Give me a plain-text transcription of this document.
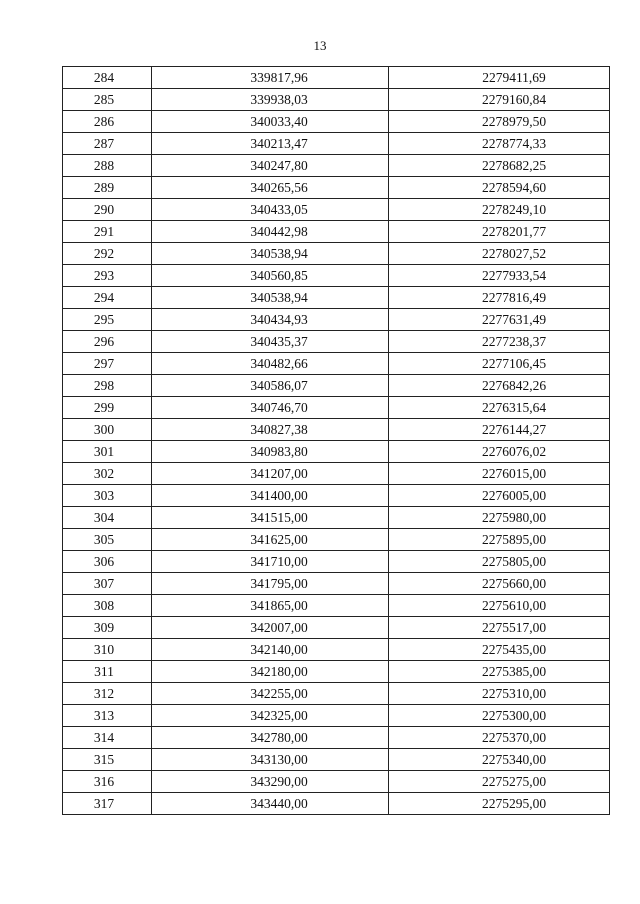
13
284	339817,96	2279411,69
285	339938,03	2279160,84
286	340033,40	2278979,50
287	340213,47	2278774,33
288	340247,80	2278682,25
289	340265,56	2278594,60
290	340433,05	2278249,10
291	340442,98	2278201,77
292	340538,94	2278027,52
293	340560,85	2277933,54
294	340538,94	2277816,49
295	340434,93	2277631,49
296	340435,37	2277238,37
297	340482,66	2277106,45
298	340586,07	2276842,26
299	340746,70	2276315,64
300	340827,38	2276144,27
301	340983,80	2276076,02
302	341207,00	2276015,00
303	341400,00	2276005,00
304	341515,00	2275980,00
305	341625,00	2275895,00
306	341710,00	2275805,00
307	341795,00	2275660,00
308	341865,00	2275610,00
309	342007,00	2275517,00
310	342140,00	2275435,00
311	342180,00	2275385,00
312	342255,00	2275310,00
313	342325,00	2275300,00
314	342780,00	2275370,00
315	343130,00	2275340,00
316	343290,00	2275275,00
317	343440,00	2275295,00
